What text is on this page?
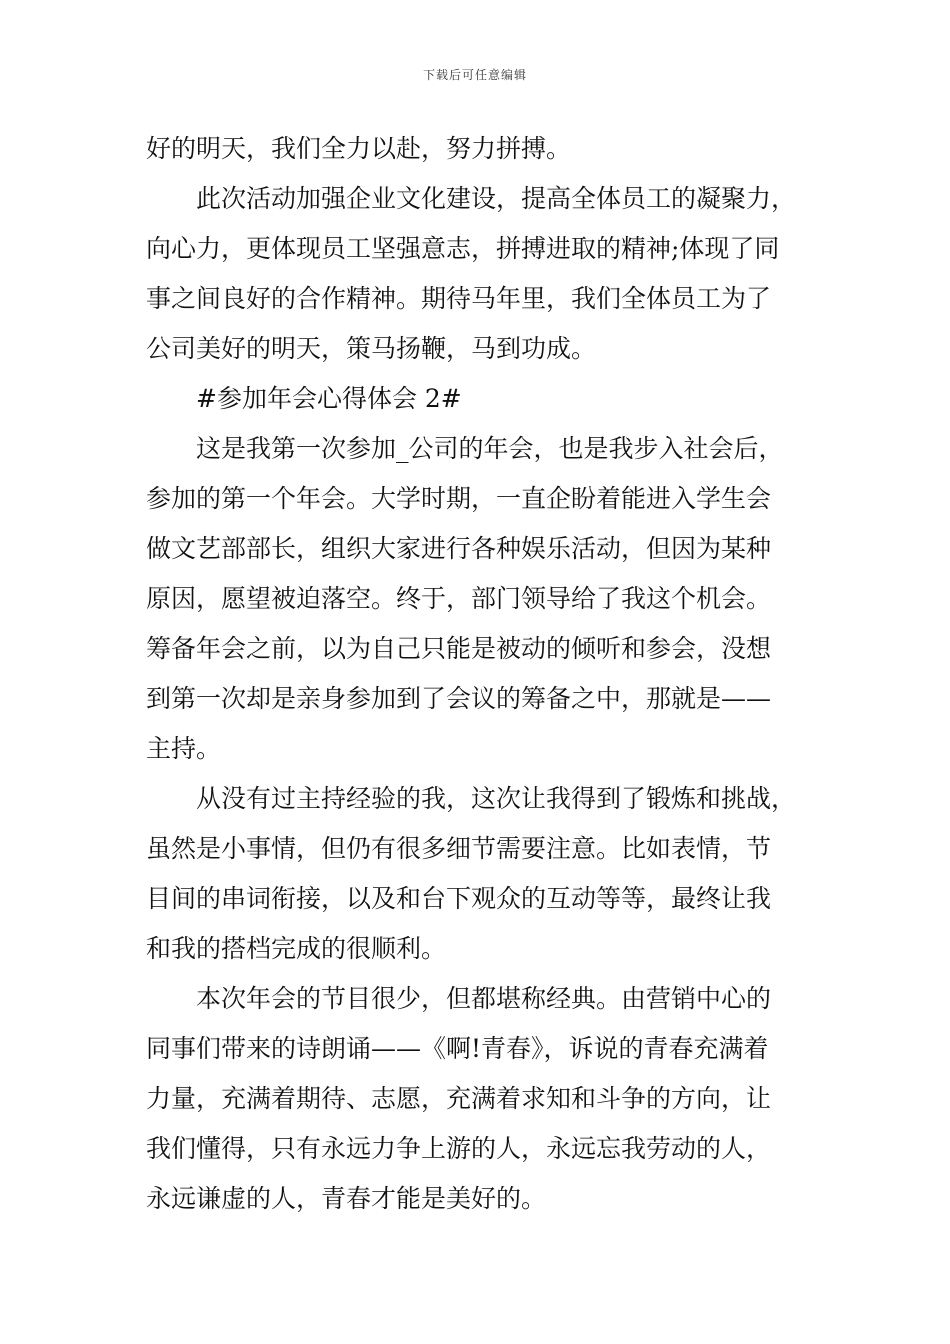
下载后可任意编辑

好的明天，我们全力以赴，努力拼搏。

此次活动加强企业文化建设，提高全体员工的凝聚力，
向心力，更体现员工坚强意志，拼搏进取的精神;体现了同
事之间良好的合作精神。期待马年里，我们全体员工为了
公司美好的明天，策马扬鞭，马到功成。

#参加年会心得体会 2#

这是我第一次参加_公司的年会，也是我步入社会后，
参加的第一个年会。大学时期，一直企盼着能进入学生会
做文艺部部长，组织大家进行各种娱乐活动，但因为某种
原因，愿望被迫落空。终于，部门领导给了我这个机会。
筹备年会之前，以为自己只能是被动的倾听和参会，没想
到第一次却是亲身参加到了会议的筹备之中，那就是——
主持。

从没有过主持经验的我，这次让我得到了锻炼和挑战，
虽然是小事情，但仍有很多细节需要注意。比如表情，节
目间的串词衔接，以及和台下观众的互动等等，最终让我
和我的搭档完成的很顺利。

本次年会的节目很少，但都堪称经典。由营销中心的
同事们带来的诗朗诵——《啊!青春》，诉说的青春充满着
力量，充满着期待、志愿，充满着求知和斗争的方向，让
我们懂得，只有永远力争上游的人，永远忘我劳动的人，
永远谦虚的人，青春才能是美好的。
